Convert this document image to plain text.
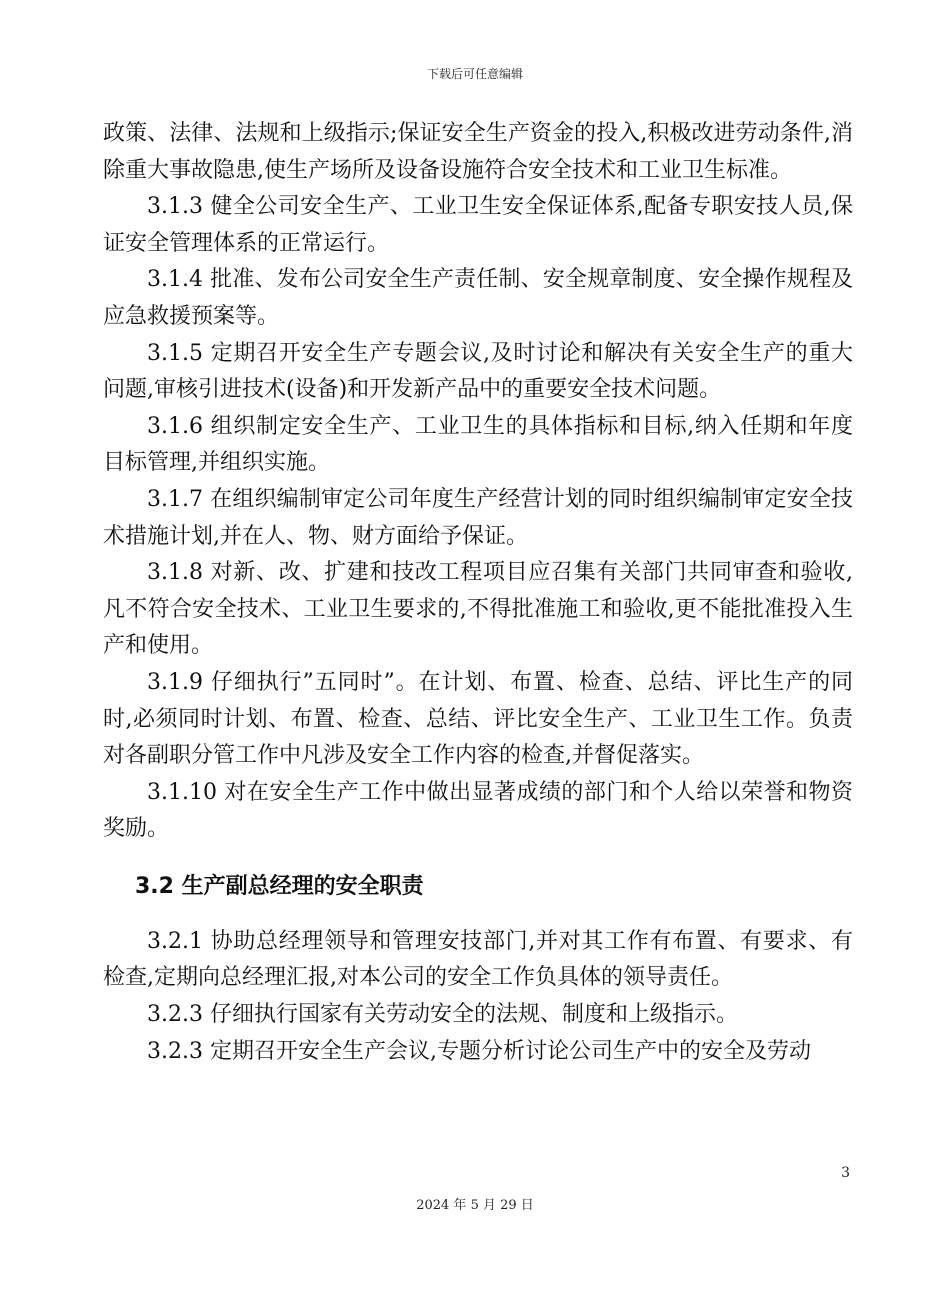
下载后可任意编辑

政策、法律、法规和上级指示;保证安全生产资金的投入,积极改进劳动条件,消除重大事故隐患,使生产场所及设备设施符合安全技术和工业卫生标准。

3.1.3 健全公司安全生产、工业卫生安全保证体系,配备专职安技人员,保证安全管理体系的正常运行。

3.1.4 批准、发布公司安全生产责任制、安全规章制度、安全操作规程及应急救援预案等。

3.1.5 定期召开安全生产专题会议,及时讨论和解决有关安全生产的重大问题,审核引进技术(设备)和开发新产品中的重要安全技术问题。

3.1.6 组织制定安全生产、工业卫生的具体指标和目标,纳入任期和年度目标管理,并组织实施。

3.1.7 在组织编制审定公司年度生产经营计划的同时组织编制审定安全技术措施计划,并在人、物、财方面给予保证。

3.1.8 对新、改、扩建和技改工程项目应召集有关部门共同审查和验收,凡不符合安全技术、工业卫生要求的,不得批准施工和验收,更不能批准投入生产和使用。

3.1.9 仔细执行”五同时”。在计划、布置、检查、总结、评比生产的同时,必须同时计划、布置、检查、总结、评比安全生产、工业卫生工作。负责对各副职分管工作中凡涉及安全工作内容的检查,并督促落实。

3.1.10 对在安全生产工作中做出显著成绩的部门和个人给以荣誉和物资奖励。

3.2 生产副总经理的安全职责

3.2.1 协助总经理领导和管理安技部门,并对其工作有布置、有要求、有检查,定期向总经理汇报,对本公司的安全工作负具体的领导责任。

3.2.3 仔细执行国家有关劳动安全的法规、制度和上级指示。

3.2.3 定期召开安全生产会议,专题分析讨论公司生产中的安全及劳动

3
2024 年 5 月 29 日
